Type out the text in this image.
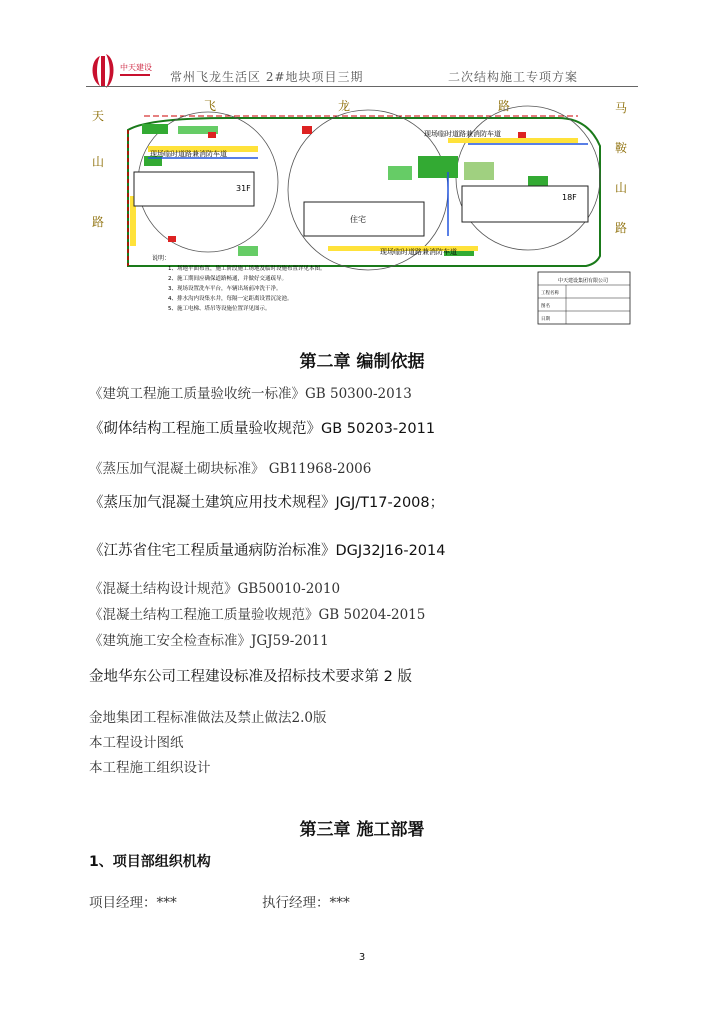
中天建设
常州飞龙生活区 2#地块项目三期	二次结构施工专项方案
飞	龙	路
天
山
路
马
鞍
山
路
31F
住宅
18F
现场临时道路兼消防车道
现场临时道路兼消防车道
现场临时道路兼消防车道
说明：
1、场地平面布置，施工阶段施工场地及临时设施布置详见本图。
2、施工期间应确保道路畅通，并做好交通疏导。
3、现场设置洗车平台，车辆出场前冲洗干净。
4、排水沟内设集水井，每隔一定距离设置沉淀池。
5、施工电梯、塔吊等设施位置详见图示。
中天建设集团有限公司
工程名称
图名
日期
第二章 编制依据
《建筑工程施工质量验收统一标准》GB 50300-2013
《砌体结构工程施工质量验收规范》GB 50203-2011
《蒸压加气混凝土砌块标准》 GB11968-2006
《蒸压加气混凝土建筑应用技术规程》JGJ/T17-2008；
《江苏省住宅工程质量通病防治标准》DGJ32J16-2014
《混凝土结构设计规范》GB50010-2010
《混凝土结构工程施工质量验收规范》GB 50204-2015
《建筑施工安全检查标准》JGJ59-2011
金地华东公司工程建设标准及招标技术要求第 2 版
金地集团工程标准做法及禁止做法2.0版
本工程设计图纸
本工程施工组织设计
第三章 施工部署
1、项目部组织机构
项目经理：***	执行经理：***
3
